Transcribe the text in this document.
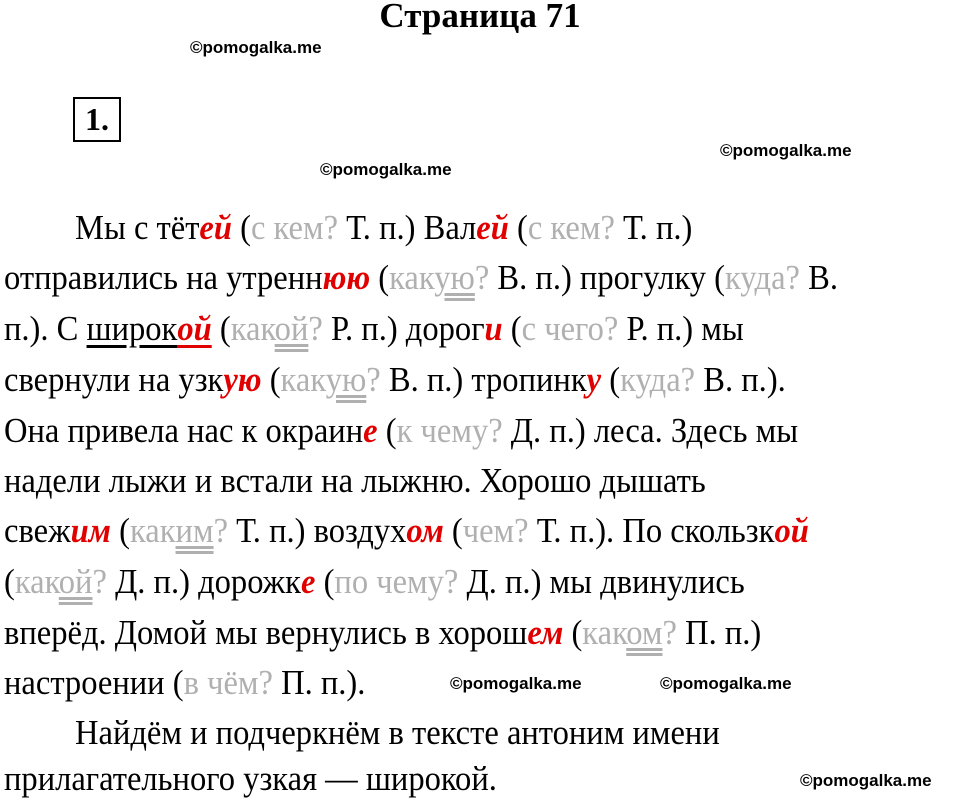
Страница 71
1.
Мы с тётей (с кем? Т. п.) Валей (с кем? Т. п.)
отправились на утреннюю (какую? В. п.) прогулку (куда? В.
п.). С широкой (какой? Р. п.) дороги (с чего? Р. п.) мы
свернули на узкую (какую? В. п.) тропинку (куда? В. п.).
Она привела нас к окраине (к чему? Д. п.) леса. Здесь мы
надели лыжи и встали на лыжню. Хорошо дышать
свежим (каким? Т. п.) воздухом (чем? Т. п.). По скользкой
(какой? Д. п.) дорожке (по чему? Д. п.) мы двинулись
вперёд. Домой мы вернулись в хорошем (каком? П. п.)
настроении (в чём? П. п.).
Найдём и подчеркнём в тексте антоним имени
прилагательного узкая — широкой.
©pomogalka.me
©pomogalka.me
©pomogalka.me
©pomogalka.me	©pomogalka.me
©pomogalka.me
